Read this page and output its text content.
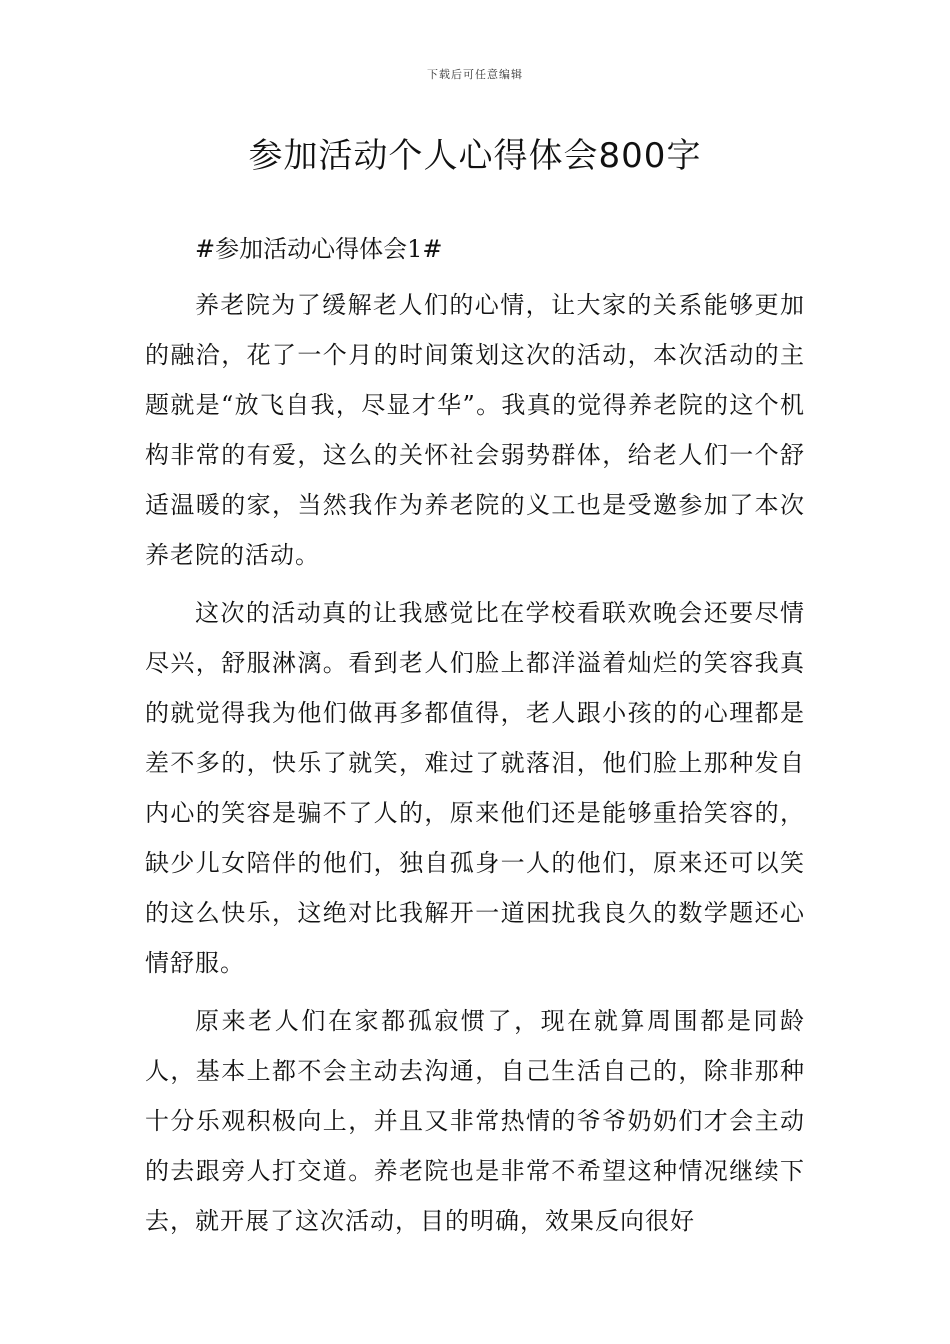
下载后可任意编辑
参加活动个人心得体会800字

#参加活动心得体会1#

养老院为了缓解老人们的心情，让大家的关系能够更加的融洽，花了一个月的时间策划这次的活动，本次活动的主题就是“放飞自我，尽显才华”。我真的觉得养老院的这个机构非常的有爱，这么的关怀社会弱势群体，给老人们一个舒适温暖的家，当然我作为养老院的义工也是受邀参加了本次养老院的活动。

这次的活动真的让我感觉比在学校看联欢晚会还要尽情尽兴，舒服淋漓。看到老人们脸上都洋溢着灿烂的笑容我真的就觉得我为他们做再多都值得，老人跟小孩的的心理都是差不多的，快乐了就笑，难过了就落泪，他们脸上那种发自内心的笑容是骗不了人的，原来他们还是能够重拾笑容的，缺少儿女陪伴的他们，独自孤身一人的他们，原来还可以笑的这么快乐，这绝对比我解开一道困扰我良久的数学题还心情舒服。

原来老人们在家都孤寂惯了，现在就算周围都是同龄人，基本上都不会主动去沟通，自己生活自己的，除非那种十分乐观积极向上，并且又非常热情的爷爷奶奶们才会主动的去跟旁人打交道。养老院也是非常不希望这种情况继续下去，就开展了这次活动，目的明确，效果反向很好
